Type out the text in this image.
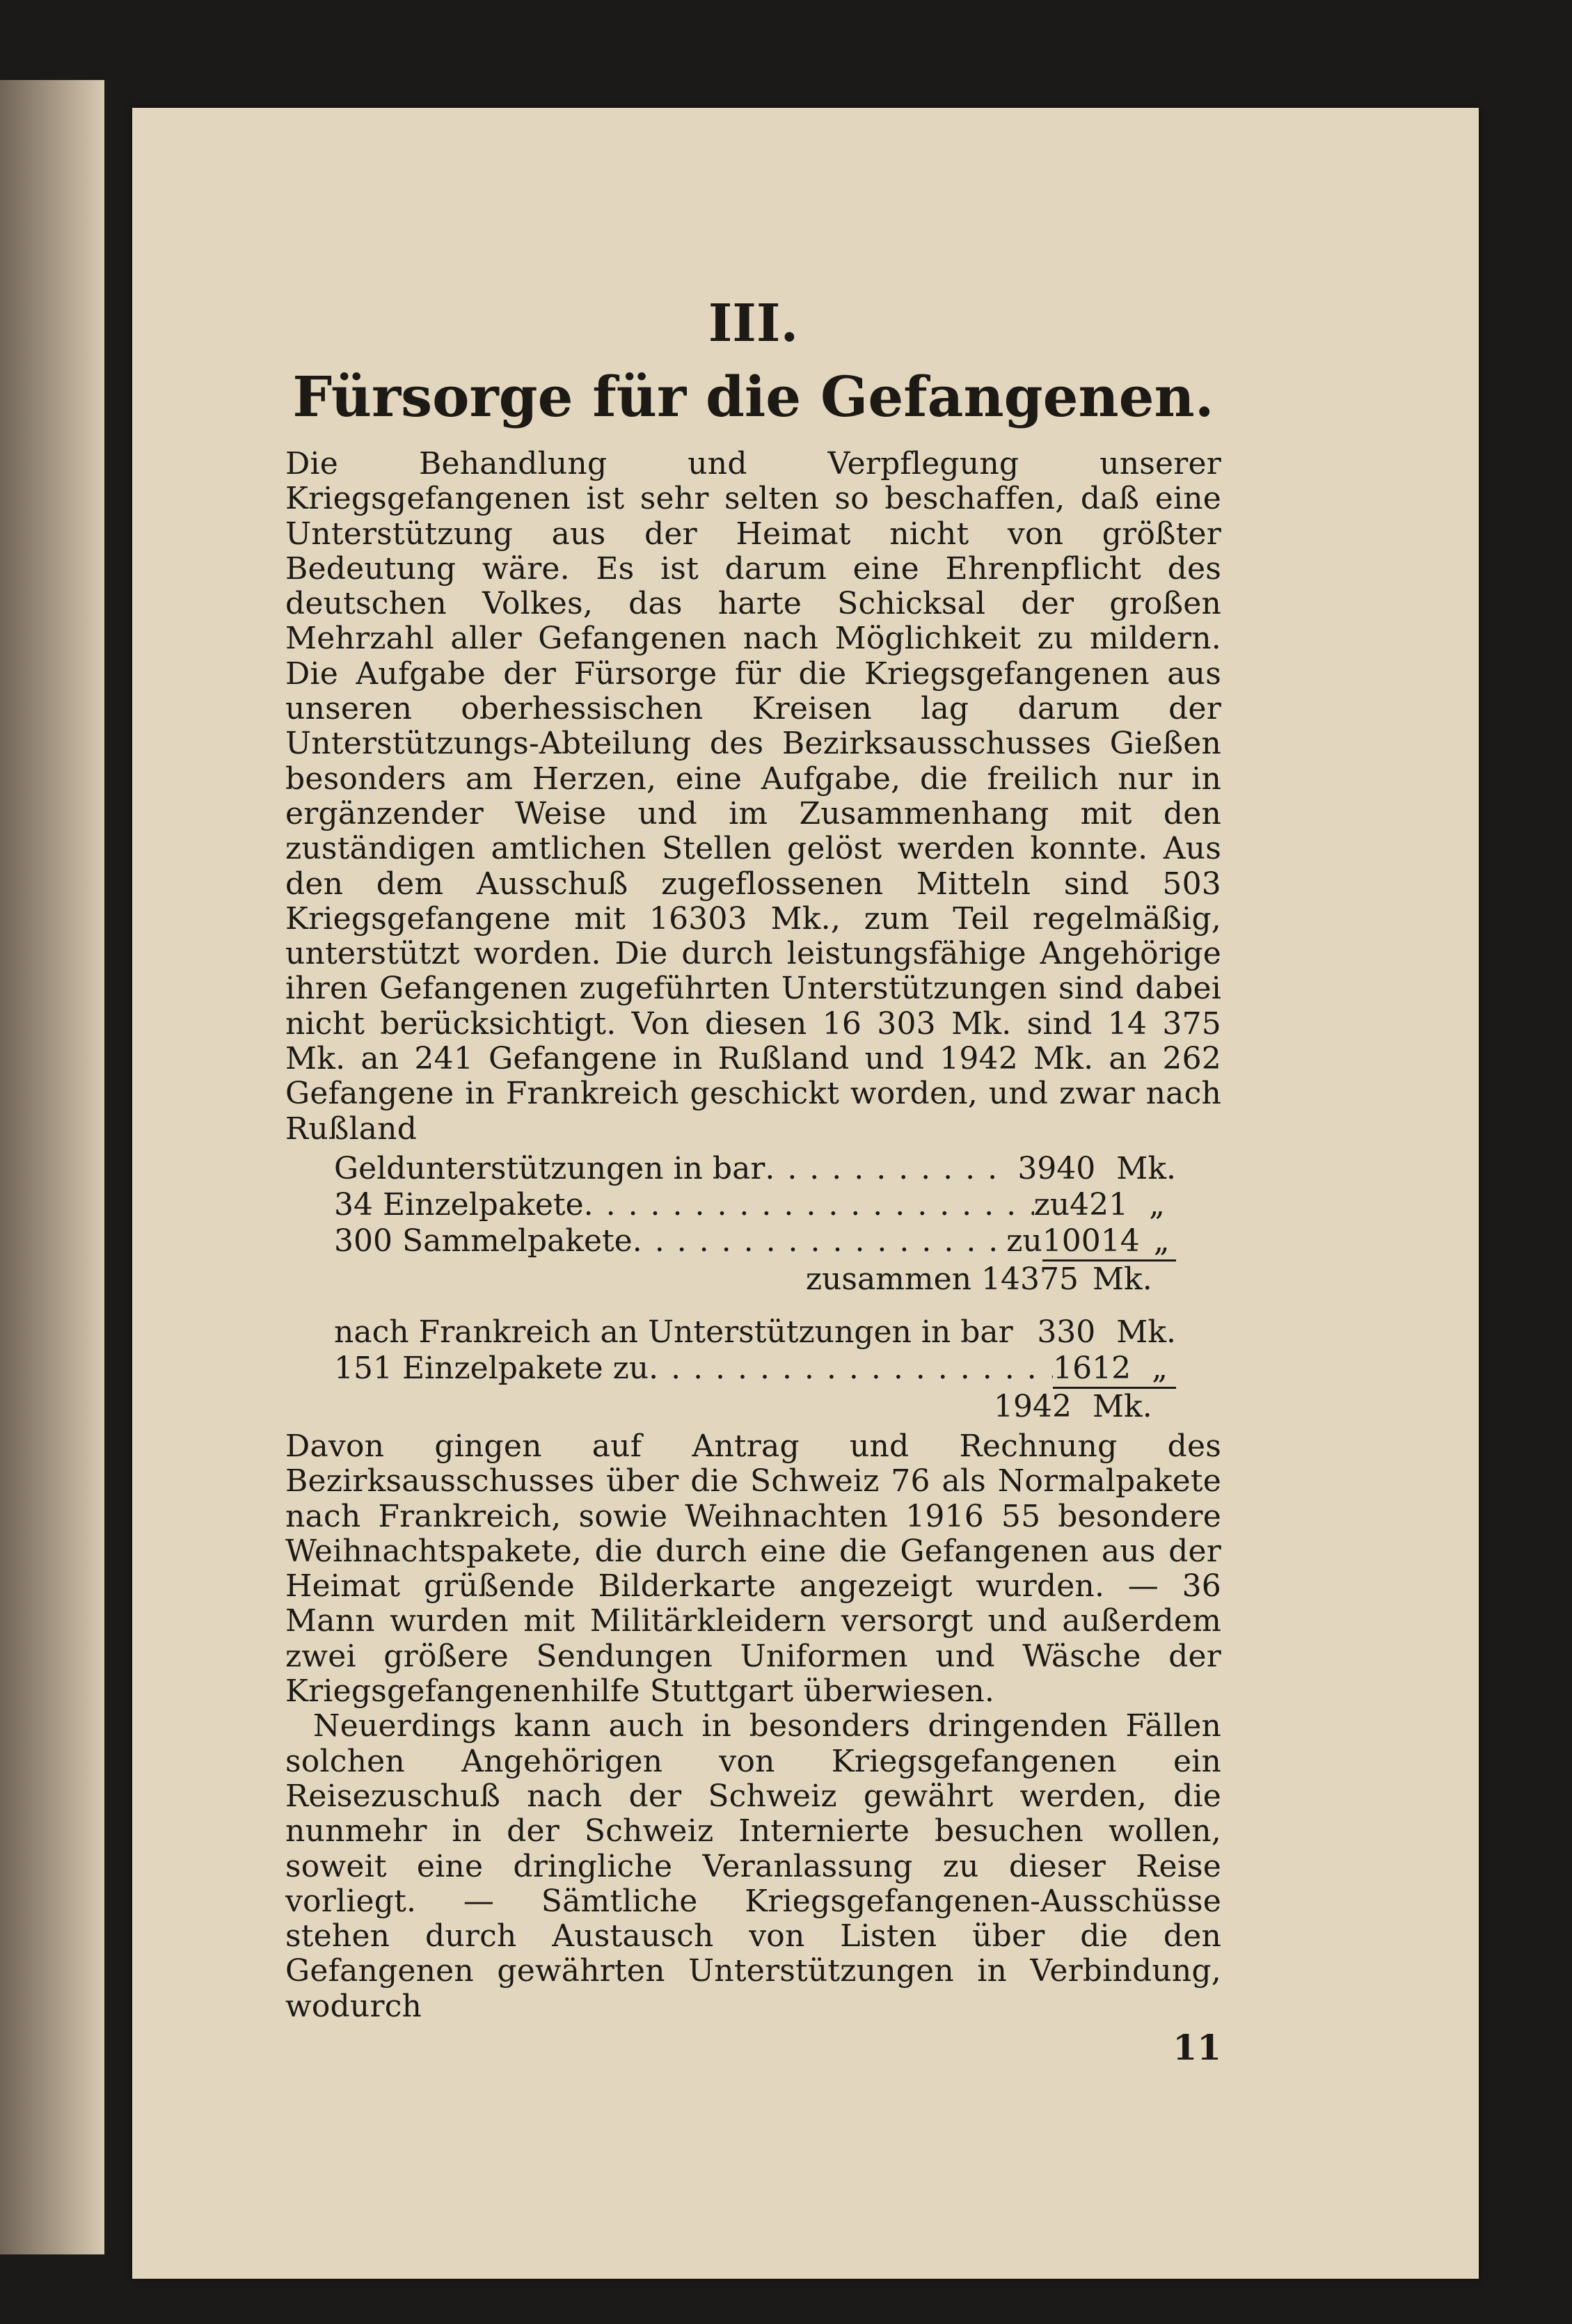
III.
Fürsorge für die Gefangenen.

Die Behandlung und Verpflegung unserer Kriegsgefangenen ist sehr selten so beschaffen, daß eine Unterstützung aus der Heimat nicht von größter Bedeutung wäre. Es ist darum eine Ehrenpflicht des deutschen Volkes, das harte Schicksal der großen Mehrzahl aller Gefangenen nach Möglichkeit zu mildern. Die Aufgabe der Fürsorge für die Kriegsgefangenen aus unseren oberhessischen Kreisen lag darum der Unterstützungs-Abteilung des Bezirksausschusses Gießen besonders am Herzen, eine Aufgabe, die freilich nur in ergänzender Weise und im Zusammenhang mit den zuständigen amtlichen Stellen gelöst werden konnte. Aus den dem Ausschuß zugeflossenen Mitteln sind 503 Kriegsgefangene mit 16303 Mk., zum Teil regelmäßig, unterstützt worden. Die durch leistungsfähige Angehörige ihren Gefangenen zugeführten Unterstützungen sind dabei nicht berücksichtigt. Von diesen 16 303 Mk. sind 14 375 Mk. an 241 Gefangene in Rußland und 1942 Mk. an 262 Gefangene in Frankreich geschickt worden, und zwar nach Rußland

Geldunterstützungen in bar . . .	3940 Mk.
34 Einzelpakete . . .	zu 421 „
300 Sammelpakete . . .	zu 10014 „
zusammen 14375 Mk.
nach Frankreich an Unterstützungen in bar 330 Mk.
151 Einzelpakete zu . . .	1612 „
1942 Mk.

Davon gingen auf Antrag und Rechnung des Bezirksausschusses über die Schweiz 76 als Normalpakete nach Frankreich, sowie Weihnachten 1916 55 besondere Weihnachtspakete, die durch eine die Gefangenen aus der Heimat grüßende Bilderkarte angezeigt wurden. — 36 Mann wurden mit Militärkleidern versorgt und außerdem zwei größere Sendungen Uniformen und Wäsche der Kriegsgefangenenhilfe Stuttgart überwiesen.

Neuerdings kann auch in besonders dringenden Fällen solchen Angehörigen von Kriegsgefangenen ein Reisezuschuß nach der Schweiz gewährt werden, die nunmehr in der Schweiz Internierte besuchen wollen, soweit eine dringliche Veranlassung zu dieser Reise vorliegt. — Sämtliche Kriegsgefangenen-Ausschüsse stehen durch Austausch von Listen über die den Gefangenen gewährten Unterstützungen in Verbindung, wodurch

11
